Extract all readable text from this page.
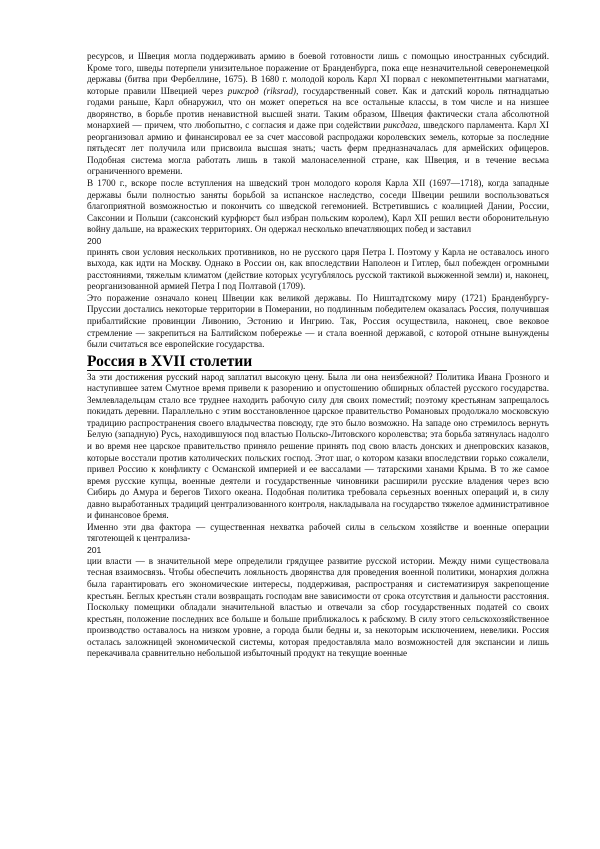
ресурсов, и Швеция могла поддерживать армию в боевой готовности лишь с помощью иностранных субсидий. Кроме того, шведы потерпели унизительное поражение от Бранденбурга, пока еще незначительной северонемецкой державы (битва при Фербеллине, 1675). В 1680 г. молодой король Карл XI порвал с некомпетентными магнатами, которые правили Швецией через риксрод (riksrad), государственный совет. Как и датский король пятнадцатью годами раньше, Карл обнаружил, что он может опереться на все остальные классы, в том числе и на низшее дворянство, в борьбе против ненавистной высшей знати. Таким образом, Швеция фактически стала абсолютной монархией — причем, что любопытно, с согласия и даже при содействии риксдага, шведского парламента. Карл XI реорганизовал армию и финансировал ее за счет массовой распродажи королевских земель, которые за последние пятьдесят лет получила или присвоила высшая знать; часть ферм предназначалась для армейских офицеров. Подобная система могла работать лишь в такой малонаселенной стране, как Швеция, и в течение весьма ограниченного времени.

В 1700 г., вскоре после вступления на шведский трон молодого короля Карла XII (1697—1718), когда западные державы были полностью заняты борьбой за испанское наследство, соседи Швеции решили воспользоваться благоприятной возможностью и покончить со шведской гегемонией. Встретившись с коалицией Дании, России, Саксонии и Польши (саксонский курфюрст был избран польским королем), Карл XII решил вести оборонительную войну дальше, на вражеских территориях. Он одержал несколько впечатляющих побед и заставил

200

принять свои условия нескольких противников, но не русского царя Петра I. Поэтому у Карла не оставалось иного выхода, как идти на Москву. Однако в России он, как впоследствии Наполеон и Гитлер, был побежден огромными расстояниями, тяжелым климатом (действие которых усугублялось русской тактикой выжженной земли) и, наконец, реорганизованной армией Петра I под Полтавой (1709).

Это поражение означало конец Швеции как великой державы. По Ништадтскому миру (1721) Бранденбургу- Пруссии достались некоторые территории в Померании, но подлинным победителем оказалась Россия, получившая прибалтийские провинции Ливонию, Эстонию и Ингрию. Так, Россия осуществила, наконец, свое вековое стремление — закрепиться на Балтийском побережье — и стала военной державой, с которой отныне вынуждены были считаться все европейские государства.

Россия в XVII столетии

За эти достижения русский народ заплатил высокую цену. Была ли она неизбежной? Политика Ивана Грозного и наступившее затем Смутное время привели к разорению и опустошению обширных областей русского государства. Землевладельцам стало все труднее находить рабочую силу для своих поместий; поэтому крестьянам запрещалось покидать деревни. Параллельно с этим восстановленное царское правительство Романовых продолжало московскую традицию распространения своего владычества повсюду, где это было возможно. На западе оно стремилось вернуть Белую (западную) Русь, находившуюся под властью Польско-Литовского королевства; эта борьба затянулась надолго и во время нее царское правительство приняло решение принять под свою власть донских и днепровских казаков, которые восстали против католических польских господ. Этот шаг, о котором казаки впоследствии горько сожалели, привел Россию к конфликту с Османской империей и ее вассалами — татарскими ханами Крыма. В то же самое время русские купцы, военные деятели и государственные чиновники расширили русские владения через всю Сибирь до Амура и берегов Тихого океана. Подобная политика требовала серьезных военных операций и, в силу давно выработанных традиций централизованного контроля, накладывала на государство тяжелое административное и финансовое бремя.

Именно эти два фактора — существенная нехватка рабочей силы в сельском хозяйстве и военные операции тяготеющей к централиза-

201

ции власти — в значительной мере определили грядущее развитие русской истории. Между ними существовала тесная взаимосвязь. Чтобы обеспечить лояльность дворянства для проведения военной политики, монархия должна была гарантировать его экономические интересы, поддерживая, распространяя и систематизируя закрепощение крестьян. Беглых крестьян стали возвращать господам вне зависимости от срока отсутствия и дальности расстояния. Поскольку помещики обладали значительной властью и отвечали за сбор государственных податей со своих крестьян, положение последних все больше и больше приближалось к рабскому. В силу этого сельскохозяйственное производство оставалось на низком уровне, а города были бедны и, за некоторым исключением, невелики. Россия осталась заложницей экономической системы, которая предоставляла мало возможностей для экспансии и лишь перекачивала сравнительно небольшой избыточный продукт на текущие военные
